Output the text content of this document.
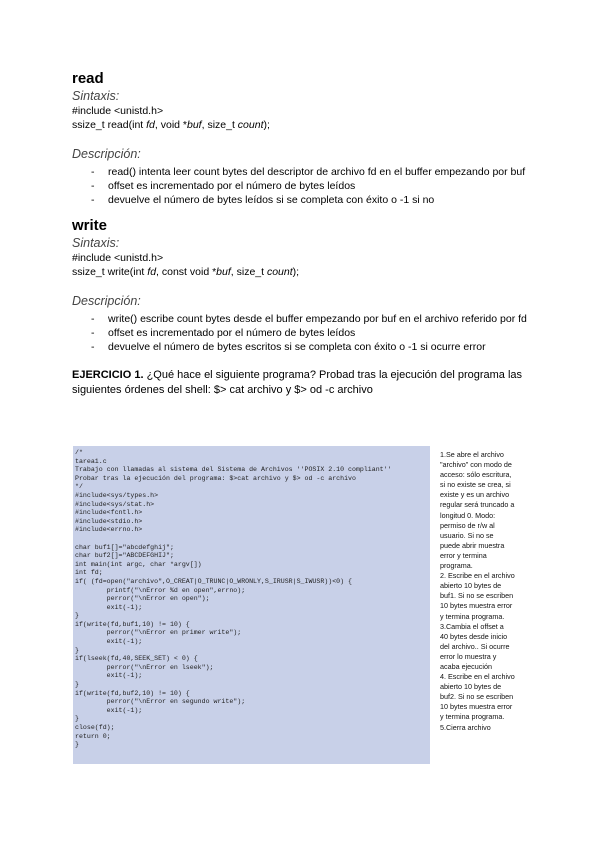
read
Sintaxis:
#include <unistd.h>
ssize_t read(int fd, void *buf, size_t count);
Descripción:
- read() intenta leer count bytes del descriptor de archivo fd en el buffer empezando por buf
- offset es incrementado por el número de bytes leídos
- devuelve el número de bytes leídos si se completa con éxito o -1 si no
write
Sintaxis:
#include <unistd.h>
ssize_t write(int fd, const void *buf, size_t count);
Descripción:
- write() escribe count bytes desde el buffer empezando por buf en el archivo referido por fd
- offset es incrementado por el número de bytes leídos
- devuelve el número de bytes escritos si se completa con éxito o -1 si ocurre error

EJERCICIO 1. ¿Qué hace el siguiente programa? Probad tras la ejecución del programa las siguientes órdenes del shell: $> cat archivo y $> od -c archivo

/*
tarea1.c
Trabajo con llamadas al sistema del Sistema de Archivos ''POSIX 2.10 compliant''
Probar tras la ejecución del programa: $>cat archivo y $> od -c archivo
*/
#include<sys/types.h>
#include<sys/stat.h>
#include<fcntl.h>
#include<stdio.h>
#include<errno.h>
char buf1[]="abcdefghij";
char buf2[]="ABCDEFGHIJ";
int main(int argc, char *argv[])
int fd;
if( (fd=open("archivo",O_CREAT|O_TRUNC|O_WRONLY,S_IRUSR|S_IWUSR))<0) {
printf("\nError %d en open",errno);
perror("\nError en open");
exit(-1);
}
if(write(fd,buf1,10) != 10) {
perror("\nError en primer write");
exit(-1);
}
if(lseek(fd,40,SEEK_SET) < 0) {
perror("\nError en lseek");
exit(-1);
}
if(write(fd,buf2,10) != 10) {
perror("\nError en segundo write");
exit(-1);
}
close(fd);
return 0;
}
1.Se abre el archivo
"archivo" con modo de
acceso: sólo escritura,
si no existe se crea, si
existe y es un archivo
regular será truncado a
longitud 0. Modo:
permiso de r/w al
usuario. Si no se
puede abrir muestra
error y termina
programa.
2. Escribe en el archivo
abierto 10 bytes de
buf1. Si no se escriben
10 bytes muestra error
y termina programa.
3.Cambia el offset a
40 bytes desde inicio
del archivo.. Si ocurre
error lo muestra y
acaba ejecución
4. Escribe en el archivo
abierto 10 bytes de
buf2. Si no se escriben
10 bytes muestra error
y termina programa.
5.Cierra archivo
